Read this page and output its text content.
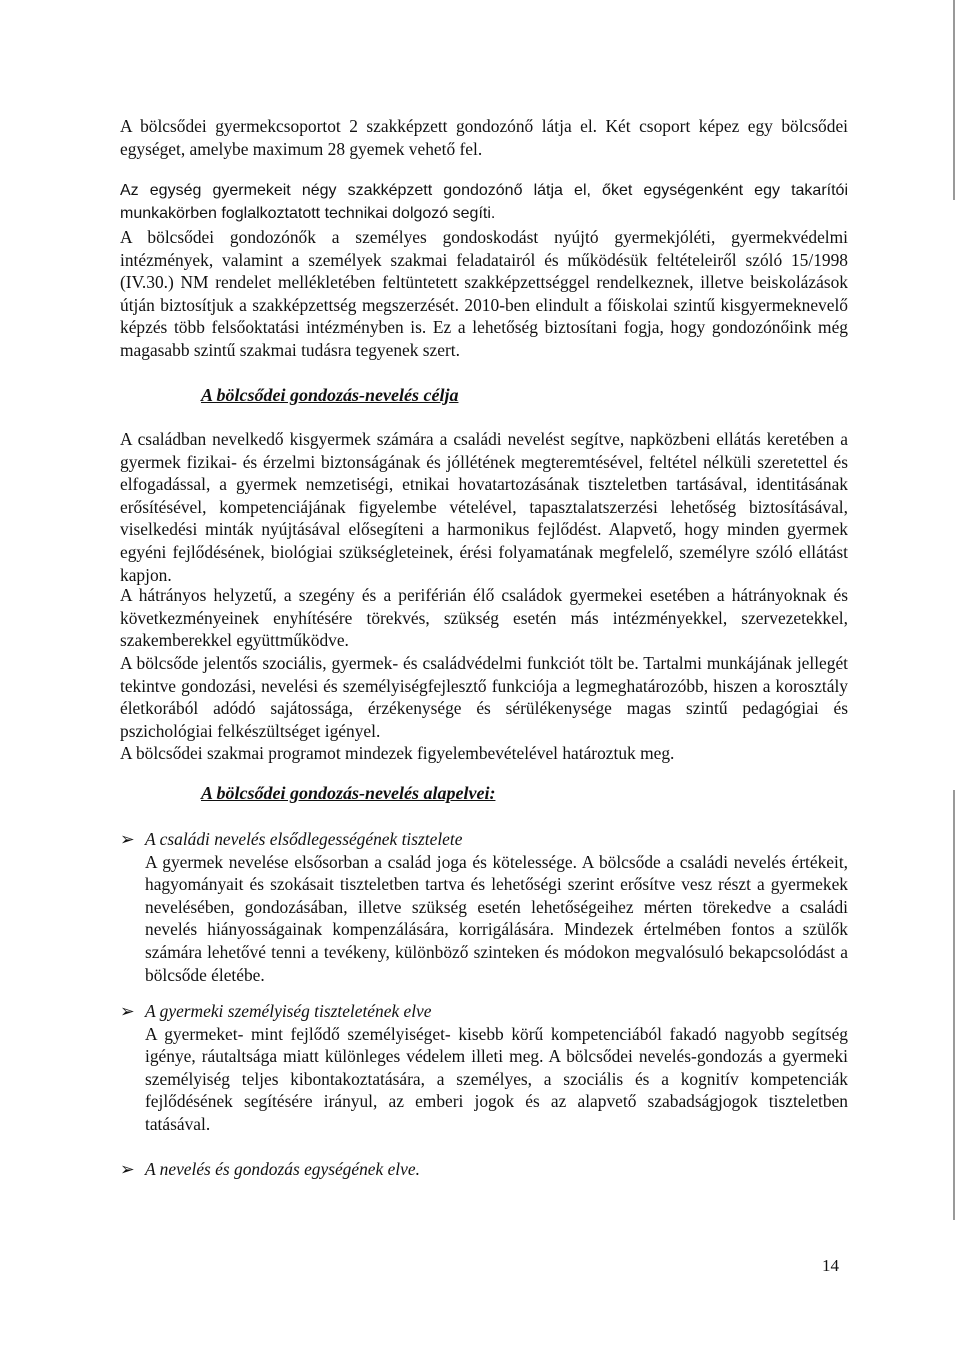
A bölcsődei gyermekcsoportot 2 szakképzett gondozónő látja el. Két csoport képez egy bölcsődei egységet, amelybe maximum 28 gyemek vehető fel.

Az egység gyermekeit négy szakképzett gondozónő látja el, őket egységenként egy takarítói munkakörben foglalkoztatott technikai dolgozó segíti.

A bölcsődei gondozónők a személyes gondoskodást nyújtó gyermekjóléti, gyermekvédelmi intézmények, valamint a személyek szakmai feladatairól és működésük feltételeiről szóló 15/1998 (IV.30.) NM rendelet mellékletében feltüntetett szakképzettséggel rendelkeznek, illetve beiskolázások útján biztosítjuk a szakképzettség megszerzését. 2010-ben elindult a főiskolai szintű kisgyermeknevelő képzés több felsőoktatási intézményben is. Ez a lehetőség biztosítani fogja, hogy gondozónőink még magasabb szintű szakmai tudásra tegyenek szert.

A bölcsődei gondozás-nevelés célja

A családban nevelkedő kisgyermek számára a családi nevelést segítve, napközbeni ellátás keretében a gyermek fizikai- és érzelmi biztonságának és jóllétének megteremtésével, feltétel nélküli szeretettel és elfogadással, a gyermek nemzetiségi, etnikai hovatartozásának tiszteletben tartásával, identitásának erősítésével, kompetenciájának figyelembe vételével, tapasztalatszerzési lehetőség biztosításával, viselkedési minták nyújtásával elősegíteni a harmonikus fejlődést. Alapvető, hogy minden gyermek egyéni fejlődésének, biológiai szükségleteinek, érési folyamatának megfelelő, személyre szóló ellátást kapjon.

A hátrányos helyzetű, a szegény és a periférián élő családok gyermekei esetében a hátrányoknak és következményeinek enyhítésére törekvés, szükség esetén más intézményekkel, szervezetekkel, szakemberekkel együttműködve.

A bölcsőde jelentős szociális, gyermek- és családvédelmi funkciót tölt be. Tartalmi munkájának jellegét tekintve gondozási, nevelési és személyiségfejlesztő funkciója a legmeghatározóbb, hiszen a korosztály életkorából adódó sajátossága, érzékenysége és sérülékenysége magas szintű pedagógiai és pszichológiai felkészültséget igényel.

A bölcsődei szakmai programot mindezek figyelembevételével határoztuk meg.

A bölcsődei gondozás-nevelés alapelvei:

➢ A családi nevelés elsődlegességének tisztelete
A gyermek nevelése elsősorban a család joga és kötelessége. A bölcsőde a családi nevelés értékeit, hagyományait és szokásait tiszteletben tartva és lehetőségi szerint erősítve vesz részt a gyermekek nevelésében, gondozásában, illetve szükség esetén lehetőségeihez mérten törekedve a családi nevelés hiányosságainak kompenzálására, korrigálására. Mindezek értelmében fontos a szülők számára lehetővé tenni a tevékeny, különböző szinteken és módokon megvalósuló bekapcsolódást a bölcsőde életébe.
➢ A gyermeki személyiség tiszteletének elve
A gyermeket- mint fejlődő személyiséget- kisebb körű kompetenciából fakadó nagyobb segítség igénye, ráutaltsága miatt különleges védelem illeti meg. A bölcsődei nevelés-gondozás a gyermeki személyiség teljes kibontakoztatására, a személyes, a szociális és a kognitív kompetenciák fejlődésének segítésére irányul, az emberi jogok és az alapvető szabadságjogok tiszteletben tatásával.
➢ A nevelés és gondozás egységének elve.
14
